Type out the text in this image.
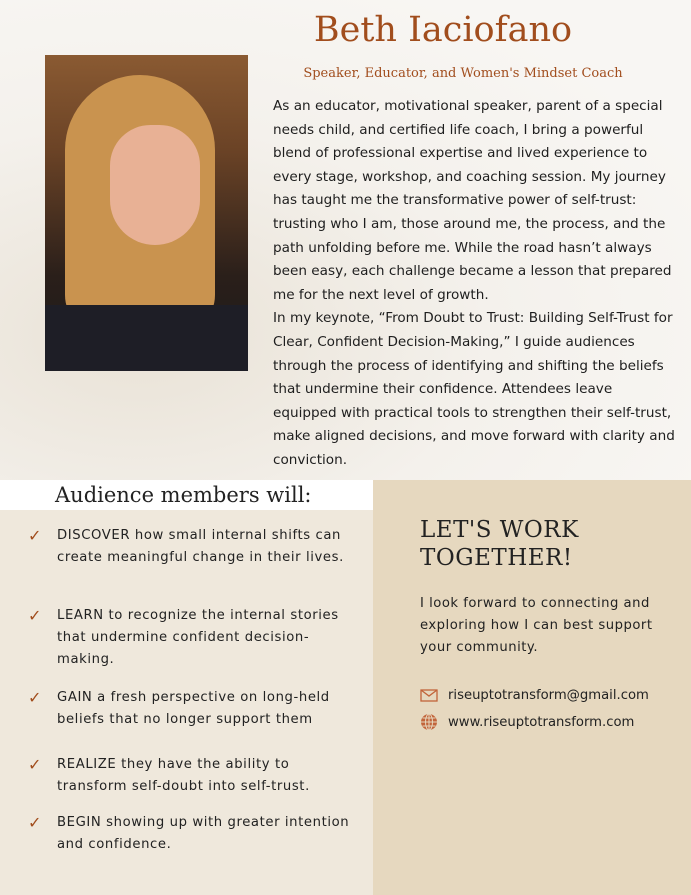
Beth Iaciofano
Speaker, Educator, and Women's Mindset Coach

As an educator, motivational speaker, parent of a special needs child, and certified life coach, I bring a powerful blend of professional expertise and lived experience to every stage, workshop, and coaching session. My journey has taught me the transformative power of self-trust: trusting who I am, those around me, the process, and the path unfolding before me. While the road hasn’t always been easy, each challenge became a lesson that prepared me for the next level of growth.

In my keynote, “From Doubt to Trust: Building Self-Trust for Clear, Confident Decision-Making,” I guide audiences through the process of identifying and shifting the beliefs that undermine their confidence. Attendees leave equipped with practical tools to strengthen their self-trust, make aligned decisions, and move forward with clarity and conviction.

Audience members will:
✓ DISCOVER how small internal shifts can create meaningful change in their lives.
✓ LEARN to recognize the internal stories that undermine confident decision-making.
✓ GAIN a fresh perspective on long-held beliefs that no longer support them
✓ REALIZE they have the ability to transform self-doubt into self-trust.
✓ BEGIN showing up with greater intention and confidence.
LET'S WORK TOGETHER!
I look forward to connecting and exploring how I can best support your community.
riseuptotransform@gmail.com
www.riseuptotransform.com
